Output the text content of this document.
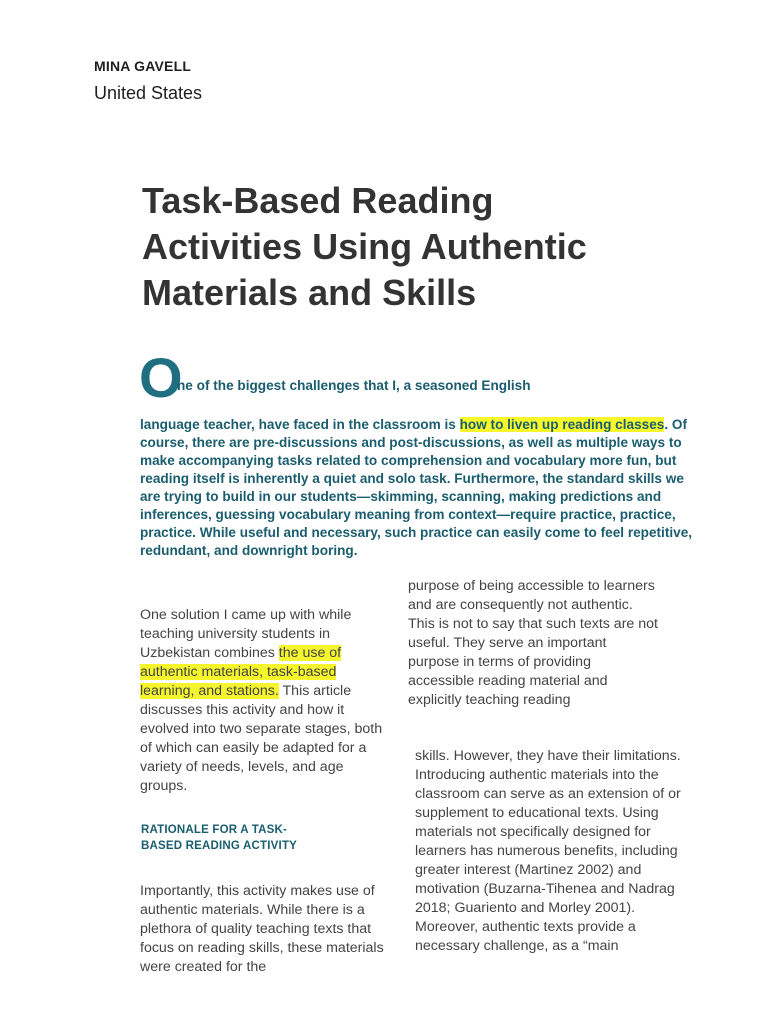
MINA GAVELL
United States
Task-Based Reading Activities Using Authentic Materials and Skills
O
ne of the biggest challenges that I, a seasoned English
language teacher, have faced in the classroom is how to liven up reading classes. Of course, there are pre-discussions and post-discussions, as well as multiple ways to make accompanying tasks related to comprehension and vocabulary more fun, but reading itself is inherently a quiet and solo task. Furthermore, the standard skills we are trying to build in our students—skimming, scanning, making predictions and inferences, guessing vocabulary meaning from context—require practice, practice, practice. While useful and necessary, such practice can easily come to feel repetitive, redundant, and downright boring.
One solution I came up with while teaching university students in Uzbekistan combines the use of authentic materials, task-based learning, and stations. This article discusses this activity and how it evolved into two separate stages, both of which can easily be adapted for a variety of needs, levels, and age groups.
RATIONALE FOR A TASK-BASED READING ACTIVITY
Importantly, this activity makes use of authentic materials. While there is a plethora of quality teaching texts that focus on reading skills, these materials were created for the
purpose of being accessible to learners and are consequently not authentic. This is not to say that such texts are not useful. They serve an important purpose in terms of providing accessible reading material and explicitly teaching reading
skills. However, they have their limitations. Introducing authentic materials into the classroom can serve as an extension of or supplement to educational texts. Using materials not specifically designed for learners has numerous benefits, including greater interest (Martinez 2002) and motivation (Buzarna-Tihenea and Nadrag 2018; Guariento and Morley 2001). Moreover, authentic texts provide a necessary challenge, as a “main
